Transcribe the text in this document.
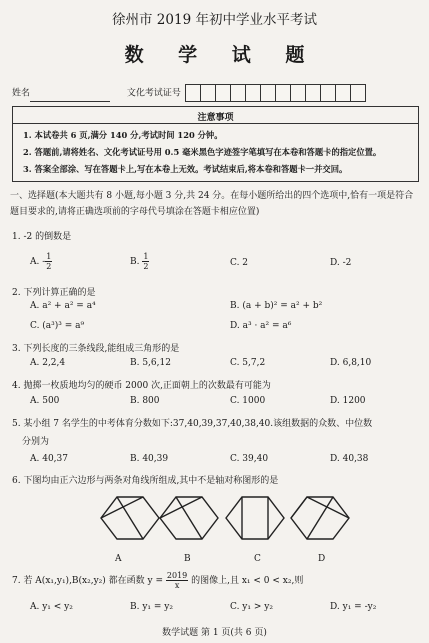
徐州市 2019 年初中学业水平考试
数 学 试 题
姓名	文化考试证号
注意事项
1. 本试卷共 6 页,满分 140 分,考试时间 120 分钟。
2. 答题前,请将姓名、文化考试证号用 0.5 毫米黑色字迹签字笔填写在本卷和答题卡的指定位置。
3. 答案全部涂、写在答题卡上,写在本卷上无效。考试结束后,将本卷和答题卡一并交回。
一、选择题(本大题共有 8 小题,每小题 3 分,共 24 分。在每小题所给出的四个选项中,恰有一项是符合题目要求的,请将正确选项前的字母代号填涂在答题卡相应位置)
1. -2 的倒数是
A. - $\frac{1}{2}$	B. $\frac{1}{2}$	C. 2	D. -2
2. 下列计算正确的是
A. a² + a² = a⁴	B. (a + b)² = a² + b²
C. (a³)³ = a⁹	D. a³ · a² = a⁶
3. 下列长度的三条线段,能组成三角形的是
A. 2,2,4	B. 5,6,12	C. 5,7,2	D. 6,8,10
4. 抛掷一枚质地均匀的硬币 2000 次,正面朝上的次数最有可能为
A. 500	B. 800	C. 1000	D. 1200
5. 某小组 7 名学生的中考体育分数如下:37,40,39,37,40,38,40.该组数据的众数、中位数
分别为
A. 40,37	B. 40,39	C. 39,40	D. 40,38
6. 下图均由正六边形与两条对角线所组成,其中不是轴对称图形的是
A	B	C	D
7. 若 A(x₁,y₁),B(x₂,y₂) 都在函数 $y = \frac{2019}{x}$ 的图像上,且 x₁ < 0 < x₂,则
A. y₁ < y₂	B. y₁ = y₂	C. y₁ > y₂	D. y₁ = -y₂
数学试题 第 1 页(共 6 页)
